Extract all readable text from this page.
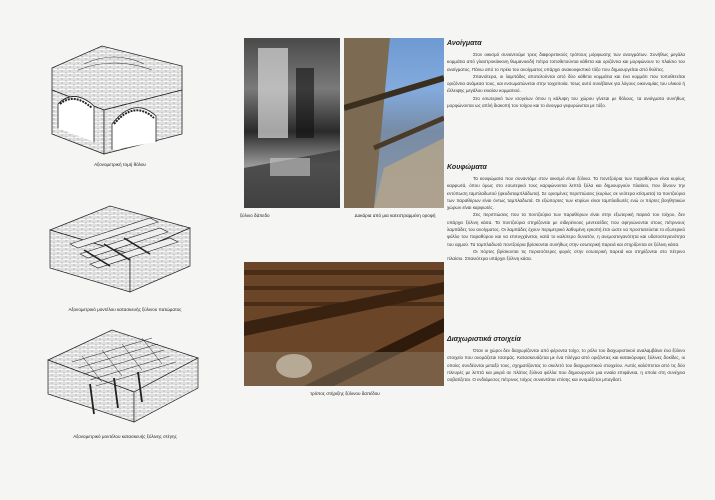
Αξονομετρική τομή θόλου
Αξονομετρικό μοντέλου κατασκευής ξύλινου πατώματος
Αξονομετρικό μοντέλου κατασκευής ξύλινης στέγης
ξύλινο δάπεδο	Δοκάρια από μια κατεστραμμένη οροφή
τρόπος στήριξης ξύλινου δαπέδου
Ανοίγματα

Στον οικισμό συναντούμε τρεις διαφορετικούς τρόπους μόρφωσης των ανοιγμάτων. Συνήθως μεγάλα κομμάτια από γλαστροκόκκινη θωμανοειδή πέτρα τοποθετούνται κάθετα και οριζόντια και μορφώνουν το πλαίσιο του ανοίγματος. Πάνω από το πρέκι του ανοίγματος υπάρχει ανακουφιστικό τόξο που δημιουργείται από θολίτες.

Σπανιότερα, οι λαμπάδες αποτελούνται από δύο κάθετα κομμάτια και ένα κομμάτι που τοποθετείται οριζόντια ανάμεσα τους, και ενσωματώνεται στην τοιχοποιία. Ίσως αυτό συνέβαινε για λόγους οικονομίας του υλικού ή έλλειψης μεγάλου ενιαίου κομματιού.

Στο εσωτερικό των ισογείων όπου η κάλυψη του χώρου γίνεται με θόλους, τα ανοίγματα συνήθως μορφώνονται ως απλή διακοπή του τοίχου και το άνοιγμα γεφυρώνεται με τόξο.

Κουφώματα

Τα κουφώματα που συναντάμε στον οικισμό είναι ξύλινα. Τα ποντζούρια των παραθύρων είναι κυρίως καρφωτά, όπου όμως στο εσωτερικό τους καρφώνονται λεπτά ξύλα και δημιουργούν πλαίσιο, που δίνουν την εντύπωση ταμπλαδωτού (ψευδοταμπλάδωτα). Σε ορισμένες περιπτώσεις (κυρίως σε νεότερα κτίσματα) τα ποντζούρια των παραθύρων είναι όντως ταμπλαδωτά. Οι εξώπορτες των κτιρίων είναι ταμπλαδωτές ενώ οι πόρτες βοηθητικών χώρων είναι καρφωτές.

Στις περιπτώσεις που τα ποντζούρια των παραθύρων είναι στην εξωτερική παρειά του τοίχου, δεν υπάρχει ξύλινη κάσα. Τα ποντζούρια στηρίζονται με σιδερένιους μεντεσέδες που σφηνώνονται στους πέτρινους λαμπάδες του ανοίγματος. Οι λαμπάδες έχουν περιμετρικό λαθυμένη εγκοπή έτσι ώστε να προστατεύεται το εξωτερικό φύλλο του παραθύρου και να επιτυγχάνεται, κατά το καλύτερο δυνατόν, η ανεμοστεγανότητα και υδατοστεγανότητα του αρμού. Τα ταμπλαδωτά ποντζούρια βρίσκονται συνήθως στην εσωτερική παρειά και στηρίζονται σε ξύλινη κάσα.

Οι πόρτες βρίσκονται τις περισσότερες φορές στην εσωτερική παρειά και στηρίζονται στο πέτρινο πλαίσιο. Σπανιότερα υπάρχει ξύλινη κάσα.

Διαχωριστικά στοιχεία

Όταν οι χώροι δεν διαχωρίζονται από φέροντα τοίχο, το ρόλο του διαχωριστικού αναλαμβάνει ένα ξύλινο στοιχείο που ονομάζεται τσατμάς. Κατασκευάζεται με ένα πλέγμα από οριζόντιες και κατακόρυφες ξύλινες δοκίδες, οι οποίες συνδέονται μεταξύ τους, σχηματίζοντας το σκελετό του διαχωριστικού στοιχείου. Αυτός καλύπτεται από τις δύο πλευρές με λεπτά και μικρά σε πλάτος ξύλινα φύλλα που δημιουργούν μια ενιαία επιφάνεια, η οποία στη συνέχεια σοβατίζεται. Ο ενδιάμεσος πέτρινος τοίχος συναντάται επίσης και ονομάζεται μπαγδατί.
